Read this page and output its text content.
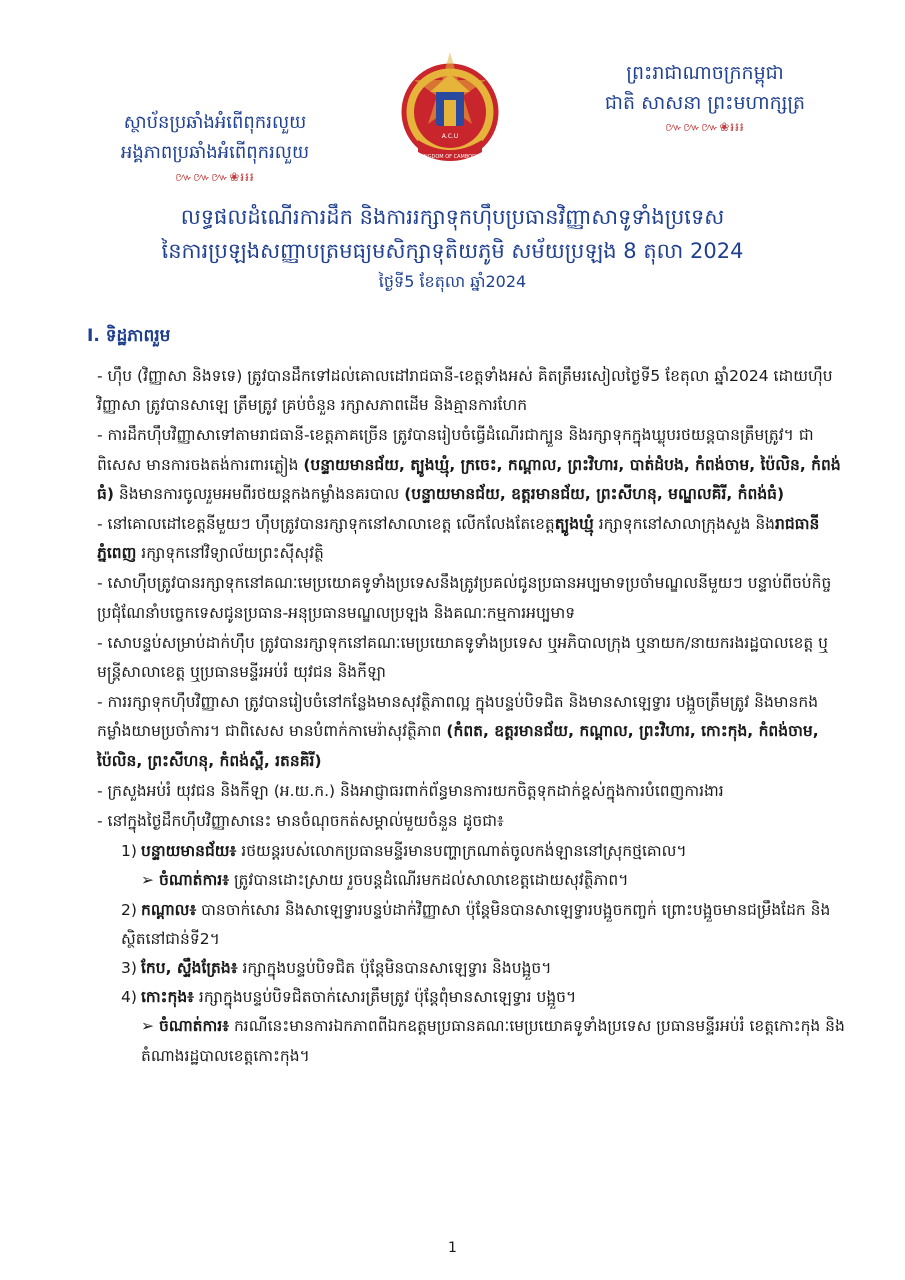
ស្ថាប័នប្រឆាំងអំពើពុករលួយ
អង្គភាពប្រឆាំងអំពើពុករលួយ
៚៚៚❀៛៛៛
A.C.U
KINGDOM OF CAMBODIA
ព្រះរាជាណាចក្រកម្ពុជា
ជាតិ សាសនា ព្រះមហាក្សត្រ
៚៚៚❀៛៛៛
លទ្ធផលដំណើរការដឹក និងការរក្សាទុកហ៊ឹបប្រធានវិញ្ញាសាទូទាំងប្រទេស
នៃការប្រឡងសញ្ញាបត្រមធ្យមសិក្សាទុតិយភូមិ សម័យប្រឡង 8 តុលា 2024
ថ្ងៃទី5 ខែតុលា ឆ្នាំ2024
I. ទិដ្ឋភាពរួម
- ហ៊ឹប (វិញ្ញាសា និងទទេ) ត្រូវបានដឹកទៅដល់គោលដៅរាជធានី-ខេត្តទាំងអស់ គិតត្រឹមរសៀលថ្ងៃទី5 ខែតុលា ឆ្នាំ2024 ដោយហ៊ឹបវិញ្ញាសា ត្រូវបានសាឡេ ត្រឹមត្រូវ គ្រប់ចំនួន រក្សាសភាពដើម និងគ្មានការហែក
- ការដឹកហ៊ឹបវិញ្ញាសាទៅតាមរាជធានី-ខេត្តភាគច្រើន ត្រូវបានរៀបចំធ្វើដំណើរជាក្បួន និងរក្សាទុកក្នុងឃ្លុបរថយន្តបានត្រឹមត្រូវ។ ជាពិសេស មានការចងតង់ការពារភ្លៀង (បន្ទាយមានជ័យ, ត្បូងឃ្មុំ, ក្រចេះ, កណ្ដាល, ព្រះវិហារ, បាត់ដំបង, កំពង់ចាម, ប៉ៃលិន, កំពង់ធំ) និងមានការចូលរួមអមពីរថយន្តកងកម្លាំងនគរបាល (បន្ទាយមានជ័យ, ឧត្តរមានជ័យ, ព្រះសីហនុ, មណ្ឌលគិរី, កំពង់ធំ)
- នៅគោលដៅខេត្តនីមួយៗ ហ៊ឹបត្រូវបានរក្សាទុកនៅសាលាខេត្ត លើកលែងតែខេត្តត្បូងឃ្មុំ រក្សាទុកនៅសាលាក្រុងសួង និងរាជធានីភ្នំពេញ រក្សាទុកនៅវិទ្យាល័យព្រះស៊ីសុវត្ថិ
- សោហ៊ឹបត្រូវបានរក្សាទុកនៅគណៈមេប្រយោគទូទាំងប្រទេសនឹងត្រូវប្រគល់ជូនប្រធានអប្បមាទប្រចាំមណ្ឌលនីមួយៗ បន្ទាប់ពីចប់កិច្ចប្រជុំណែនាំបច្ចេកទេសជូនប្រធាន-អនុប្រធានមណ្ឌលប្រឡង និងគណៈកម្មការអប្បមាទ
- សោបន្ទប់សម្រាប់ដាក់ហ៊ឹប ត្រូវបានរក្សាទុកនៅគណៈមេប្រយោគទូទាំងប្រទេស ឬអភិបាលក្រុង ឬនាយក/នាយករងរដ្ឋបាលខេត្ត ឬមន្ត្រីសាលាខេត្ត ឬប្រធានមន្ទីរអប់រំ យុវជន និងកីឡា
- ការរក្សាទុកហ៊ឹបវិញ្ញាសា ត្រូវបានរៀបចំនៅកន្លែងមានសុវត្ថិភាពល្អ ក្នុងបន្ទប់បិទជិត និងមានសាឡេទ្វារ បង្អួចត្រឹមត្រូវ និងមានកងកម្លាំងយាមប្រចាំការ។ ជាពិសេស មានបំពាក់កាមេរ៉ាសុវត្ថិភាព (កំពត, ឧត្តរមានជ័យ, កណ្ដាល, ព្រះវិហារ, កោះកុង, កំពង់ចាម, ប៉ៃលិន, ព្រះសីហនុ, កំពង់ស្ពឺ, រតនគិរី)
- ក្រសួងអប់រំ យុវជន និងកីឡា (អ.យ.ក.) និងអាជ្ញាធរពាក់ព័ន្ធមានការយកចិត្តទុកដាក់ខ្ពស់ក្នុងការបំពេញការងារ
- នៅក្នុងថ្ងៃដឹកហ៊ឹបវិញ្ញាសានេះ មានចំណុចកត់សម្គាល់មួយចំនួន ដូចជា៖
1) បន្ទាយមានជ័យ៖ រថយន្តរបស់លោកប្រធានមន្ទីរមានបញ្ហាក្រណាត់ចូលកង់ឡាននៅស្រុកថ្មគោល។
➢ ចំណាត់ការ៖ ត្រូវបានដោះស្រាយ រួចបន្តដំណើរមកដល់សាលាខេត្តដោយសុវត្ថិភាព។
2) កណ្ដាល៖ បានចាក់សោរ និងសាឡេទ្វារបន្ទប់ដាក់វិញ្ញាសា ប៉ុន្តែមិនបានសាឡេទ្វារបង្អួចកញ្ចក់ ព្រោះបង្អួចមានជម្រឹងដែក និងស្ថិតនៅជាន់ទី2។
3) កែប, ស្ទឹងត្រែង៖ រក្សាក្នុងបន្ទប់បិទជិត ប៉ុន្តែមិនបានសាឡេទ្វារ និងបង្អួច។
4) កោះកុង៖ រក្សាក្នុងបន្ទប់បិទជិតចាក់សោរត្រឹមត្រូវ ប៉ុន្តែពុំមានសាឡេទ្វារ បង្អួច។
➢ ចំណាត់ការ៖ ករណីនេះមានការឯកភាពពីឯកឧត្តមប្រធានគណៈមេប្រយោគទូទាំងប្រទេស ប្រធានមន្ទីរអប់រំ ខេត្តកោះកុង និងតំណាងរដ្ឋបាលខេត្តកោះកុង។
1
